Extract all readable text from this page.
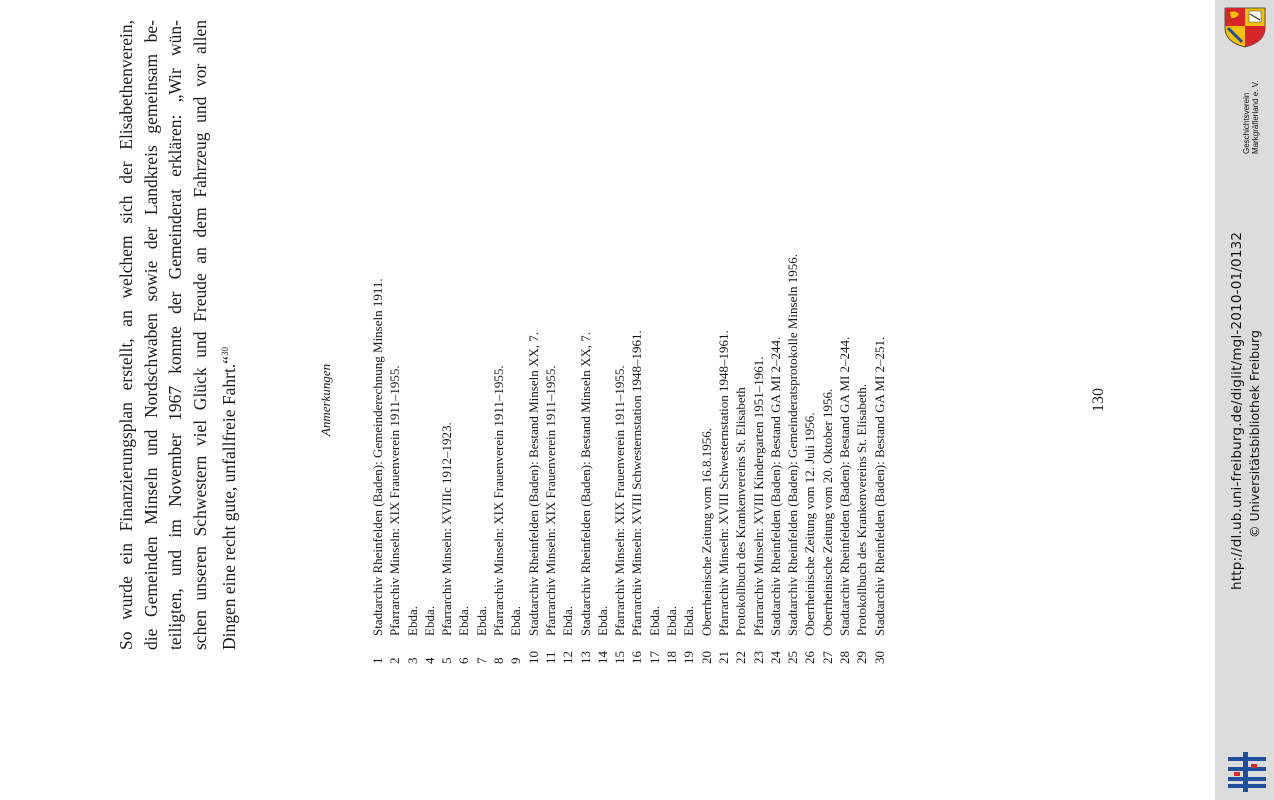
So wurde ein Finanzierungsplan erstellt, an welchem sich der Elisabethenverein, die Gemeinden Minseln und Nordschwaben sowie der Landkreis gemeinsam be- teiligten, und im November 1967 konnte der Gemeinderat erklären: „Wir wün- schen unseren Schwestern viel Glück und Freude an dem Fahrzeug und vor allen Dingen eine recht gute, unfallfreie Fahrt.“$^{30}$

Anmerkungen
1
Stadtarchiv Rheinfelden (Baden): Gemeinderechnung Minseln 1911.
2
Pfarrarchiv Minseln: XIX Frauenverein 1911–1955.
3
Ebda.
4
Ebda.
5
Pfarrarchiv Minseln: XVIIIc 1912–1923.
6
Ebda.
7
Ebda.
8
Pfarrarchiv Minseln: XIX Frauenverein 1911–1955.
9
Ebda.
10
Stadtarchiv Rheinfelden (Baden): Bestand Minseln XX, 7.
11
Pfarrarchiv Minseln: XIX Frauenverein 1911–1955.
12
Ebda.
13
Stadtarchiv Rheinfelden (Baden): Bestand Minseln XX, 7.
14
Ebda.
15
Pfarrarchiv Minseln: XIX Frauenverein 1911–1955.
16
Pfarrarchiv Minseln: XVIII Schwesternstation 1948–1961.
17
Ebda.
18
Ebda.
19
Ebda.
20
Oberrheinische Zeitung vom 16.8.1956.
21
Pfarrarchiv Minseln: XVIII Schwesternstation 1948–1961.
22
Protokollbuch des Krankenvereins St. Elisabeth
23
Pfarrarchiv Minseln: XVIII Kindergarten 1951–1961.
24
Stadtarchiv Rheinfelden (Baden): Bestand GA MI 2–244.
25
Stadtarchiv Rheinfelden (Baden): Gemeinderatsprotokolle Minseln 1956.
26
Oberrheinische Zeitung vom 12. Juli 1956.
27
Oberrheinische Zeitung vom 20. Oktober 1956.
28
Stadtarchiv Rheinfelden (Baden): Bestand GA MI 2–244.
29
Protokollbuch des Krankenvereins St. Elisabeth.
30
Stadtarchiv Rheinfelden (Baden): Bestand GA MI 2–251.	130	http://dl.ub.uni-freiburg.de/diglit/mgl-2010-01/0132 © Universitätsbibliothek Freiburg
Geschichtsverein Markgräflerland e. V.
